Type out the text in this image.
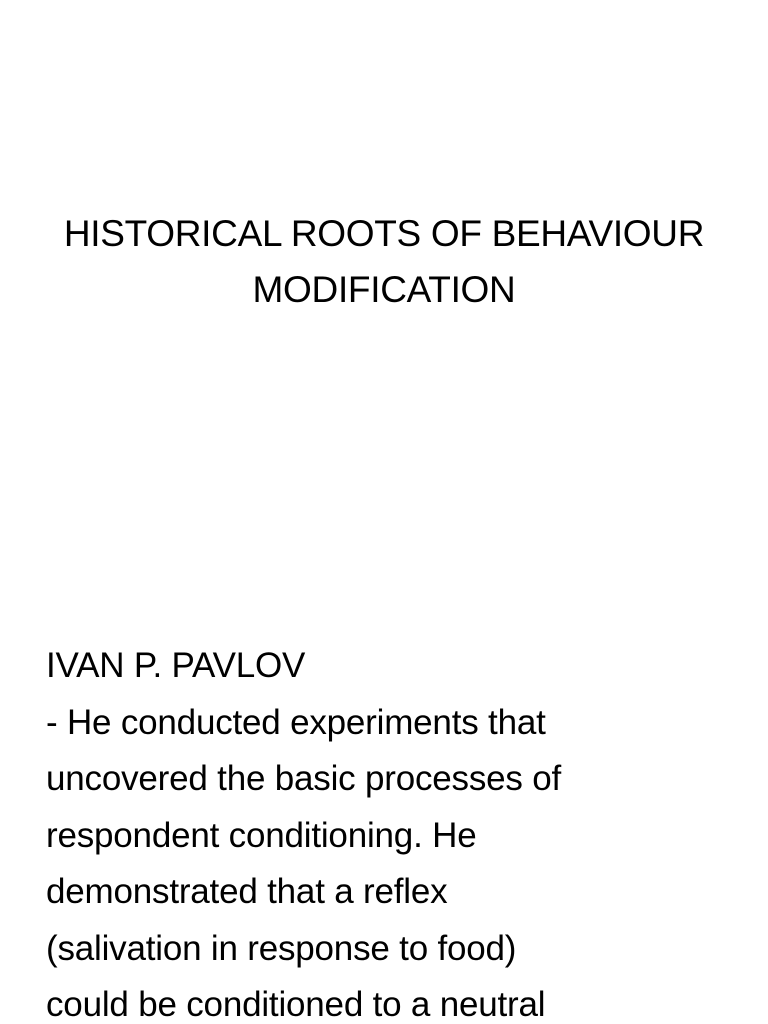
HISTORICAL ROOTS OF BEHAVIOUR
MODIFICATION
IVAN P. PAVLOV
- He conducted experiments that
uncovered the basic processes of
respondent conditioning. He
demonstrated that a reflex
(salivation in response to food)
could be conditioned to a neutral
